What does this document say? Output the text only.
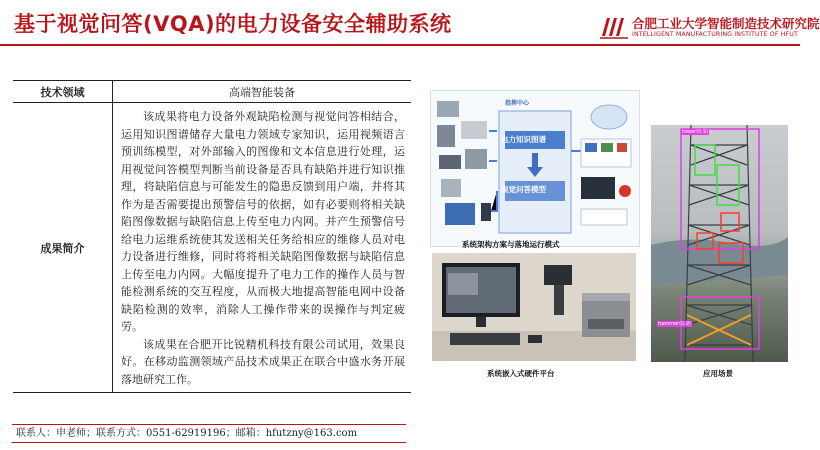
基于视觉问答(VQA)的电力设备安全辅助系统	合肥工业大学智能制造技术研究院
INTELLIGENT MANUFACTURING INSTITUTE OF HFUT
技术领域	高端智能装备
成果简介	该成果将电力设备外观缺陷检测与视觉问答相结合，运用知识图谱储存大量电力领域专家知识，运用视频语言预训练模型，对外部输入的图像和文本信息进行处理，运用视觉问答模型判断当前设备是否具有缺陷并进行知识推理，将缺陷信息与可能发生的隐患反馈到用户端，并将其作为是否需要提出预警信号的依据，如有必要则将相关缺陷图像数据与缺陷信息上传至电力内网。并产生预警信号给电力运维系统使其发送相关任务给相应的维修人员对电力设备进行维修，同时将将相关缺陷图像数据与缺陷信息上传至电力内网。大幅度提升了电力工作的操作人员与智能检测系统的交互程度，从而极大地提高智能电网中设备缺陷检测的效率，消除人工操作带来的误操作与判定疲劳。

该成果在合肥开比锐精机科技有限公司试用，效果良好。在移动监测领域产品技术成果正在联合中盛水务开展落地研究工作。

指挥中心
电力知识图谱
视觉问答模型
系统架构方案与落地运行模式
系统嵌入式硬件平台
tower(0.9)
hammer(0.9)
应用场景
联系人：申老师；联系方式：0551-62919196；邮箱：hfutzny@163.com
